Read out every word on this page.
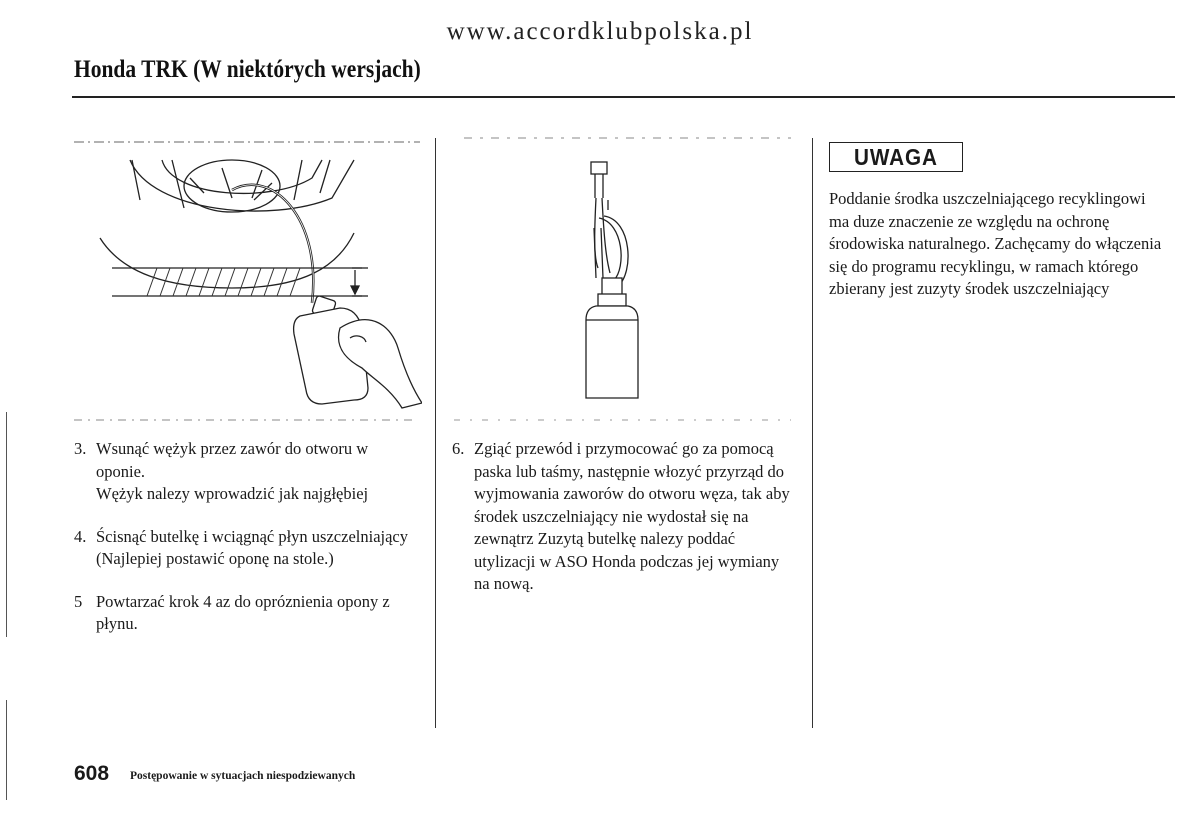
www.accordklubpolska.pl
Honda TRK (W niektórych wersjach)
3. Wsunąć wężyk przez zawór do otworu w oponie.
Wężyk nalezy wprowadzić jak najgłębiej
4. Ścisnąć butelkę i wciągnąć płyn uszczelniający
(Najlepiej postawić oponę na stole.)
5 Powtarzać krok 4 az do opróznienia opony z płynu.
6. Zgiąć przewód i przymocować go za pomocą paska lub taśmy, następnie włozyć przyrząd do wyjmowania zaworów do otworu węza, tak aby środek uszczelniający nie wydostał się na zewnątrz Zuzytą butelkę nalezy poddać utylizacji w ASO Honda podczas jej wymiany na nową.
UWAGA
Poddanie środka uszczelniającego recyklingowi ma duze znaczenie ze względu na ochronę środowiska naturalnego. Zachęcamy do włączenia się do programu recyklingu, w ramach którego zbierany jest zuzyty środek uszczelniający
608 Postępowanie w sytuacjach niespodziewanych
